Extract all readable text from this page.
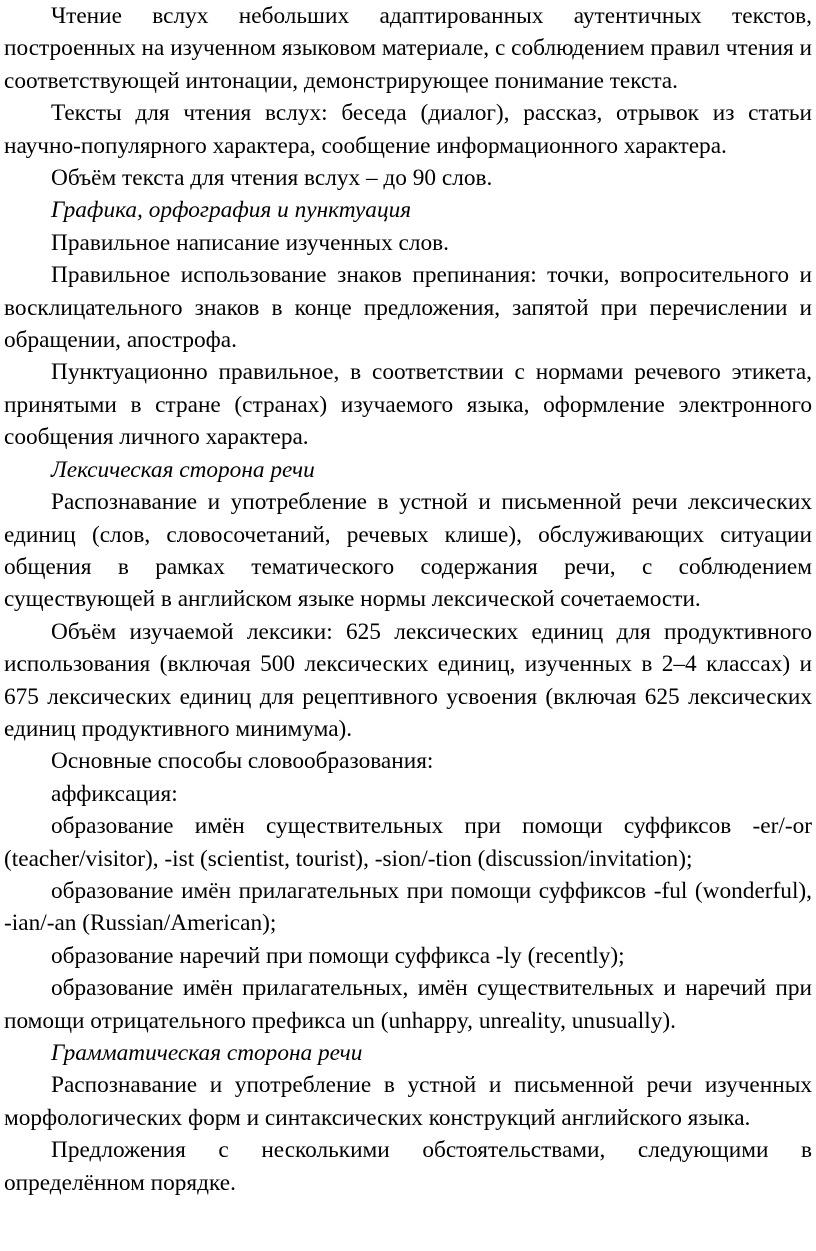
Чтение вслух небольших адаптированных аутентичных текстов, построенных на изученном языковом материале, с соблюдением правил чтения и соответствующей интонации, демонстрирующее понимание текста.

Тексты для чтения вслух: беседа (диалог), рассказ, отрывок из статьи научно-популярного характера, сообщение информационного характера.

Объём текста для чтения вслух – до 90 слов.

Графика, орфография и пунктуация

Правильное написание изученных слов.

Правильное использование знаков препинания: точки, вопросительного и восклицательного знаков в конце предложения, запятой при перечислении и обращении, апострофа.

Пунктуационно правильное, в соответствии с нормами речевого этикета, принятыми в стране (странах) изучаемого языка, оформление электронного сообщения личного характера.

Лексическая сторона речи

Распознавание и употребление в устной и письменной речи лексических единиц (слов, словосочетаний, речевых клише), обслуживающих ситуации общения в рамках тематического содержания речи, с соблюдением существующей в английском языке нормы лексической сочетаемости.

Объём изучаемой лексики: 625 лексических единиц для продуктивного использования (включая 500 лексических единиц, изученных в 2–4 классах) и 675 лексических единиц для рецептивного усвоения (включая 625 лексических единиц продуктивного минимума).

Основные способы словообразования:

аффиксация:

образование имён существительных при помощи суффиксов -er/-or (teacher/visitor), -ist (scientist, tourist), -sion/-tion (discussion/invitation);

образование имён прилагательных при помощи суффиксов -ful (wonderful), -ian/-an (Russian/American);

образование наречий при помощи суффикса -ly (recently);

образование имён прилагательных, имён существительных и наречий при помощи отрицательного префикса un (unhappy, unreality, unusually).

Грамматическая сторона речи

Распознавание и употребление в устной и письменной речи изученных морфологических форм и синтаксических конструкций английского языка.

Предложения с несколькими обстоятельствами, следующими в определённом порядке.
